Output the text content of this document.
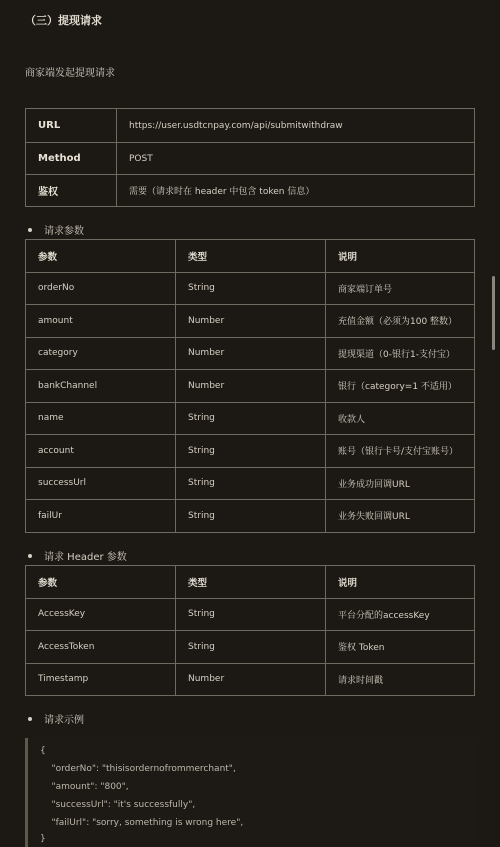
（三）提现请求
商家端发起提现请求
URL	https://user.usdtcnpay.com/api/submitwithdraw
Method	POST
鉴权	需要（请求时在 header 中包含 token 信息）
请求参数
参数	类型	说明
orderNo	String	商家端订单号
amount	Number	充值金额（必须为100 整数）
category	Number	提现渠道（0-银行1-支付宝）
bankChannel	Number	银行（category=1 不适用）
name	String	收款人
account	String	账号（银行卡号/支付宝账号）
successUrl	String	业务成功回调URL
failUr	String	业务失败回调URL
请求 Header 参数
参数	类型	说明
AccessKey	String	平台分配的accessKey
AccessToken	String	鉴权 Token
Timestamp	Number	请求时间戳
请求示例
{
"orderNo": "thisisordernofrommerchant",
"amount": "800",
"successUrl": "it's successfully",
"failUrl": "sorry, something is wrong here",
}
